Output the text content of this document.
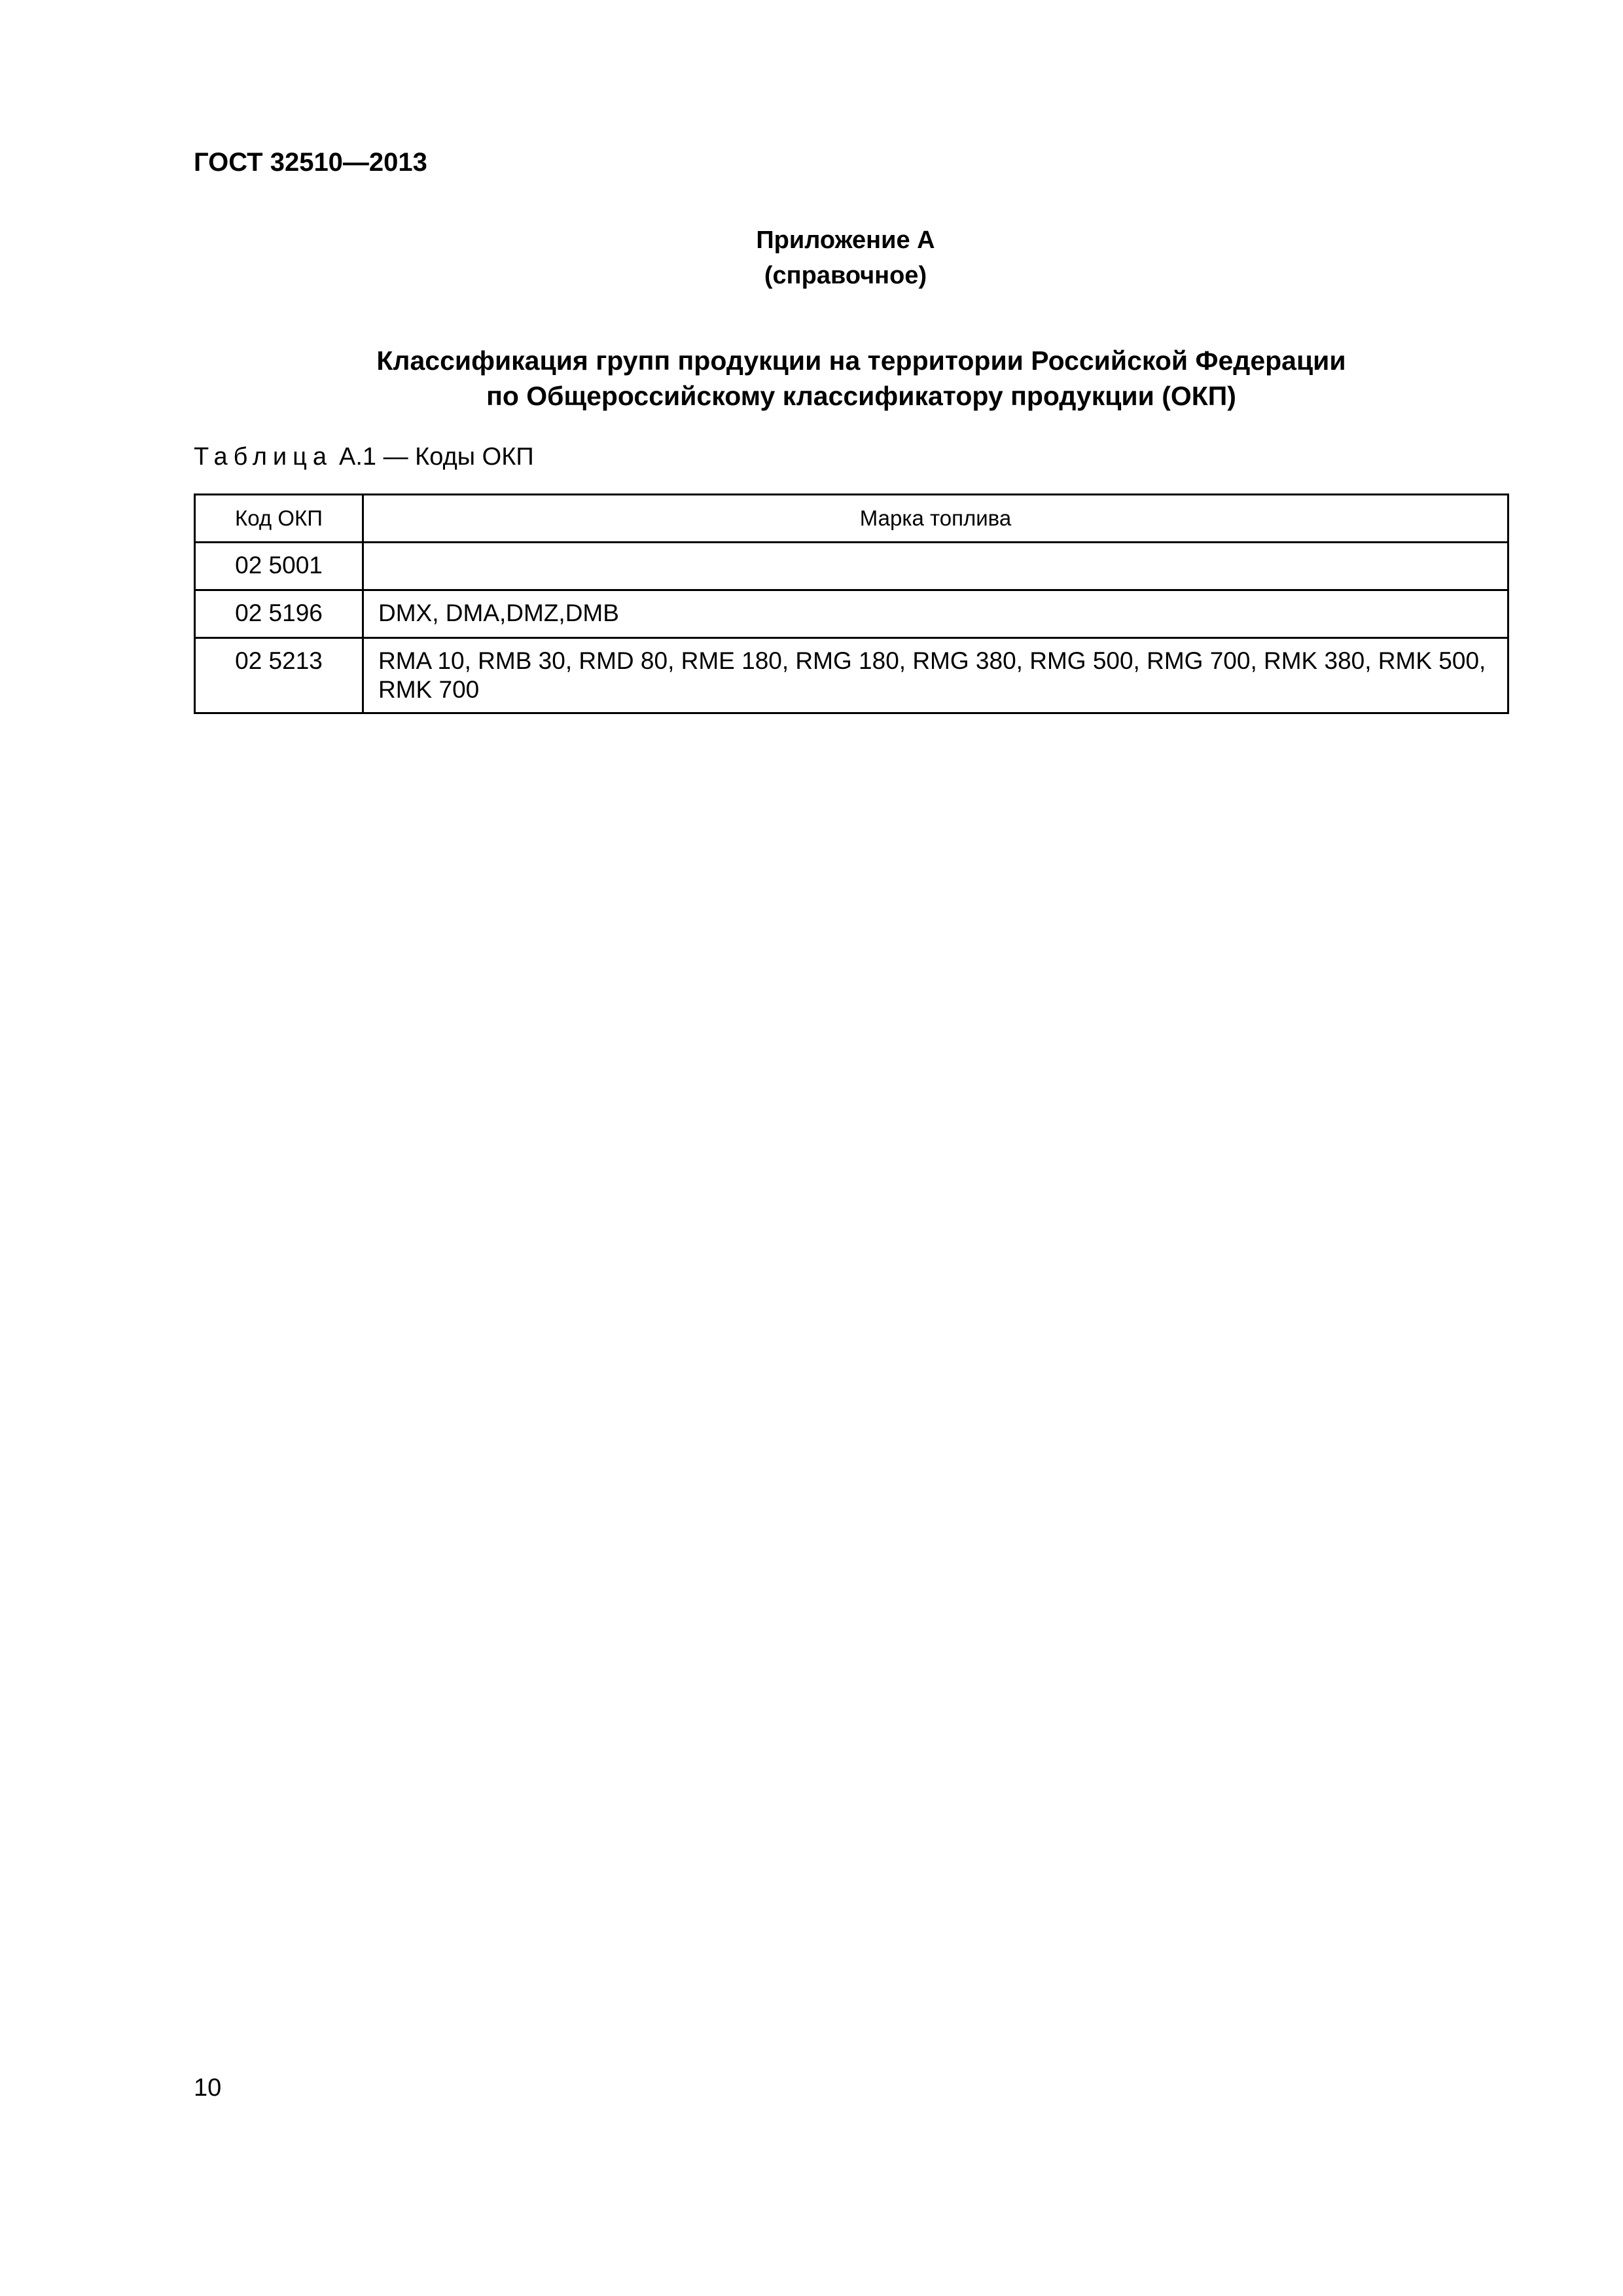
ГОСТ 32510—2013
Приложение А
(справочное)
Классификация групп продукции на территории Российской Федерации
по Общероссийскому классификатору продукции (ОКП)
Таблица А.1 — Коды ОКП
Код ОКП	Марка топлива
02 5001	
02 5196	DMX, DMA,DMZ,DMB
02 5213	RMA 10, RMB 30, RMD 80, RME 180, RMG 180, RMG 380, RMG 500, RMG 700, RMK 380, RMK 500, RMK 700
10
